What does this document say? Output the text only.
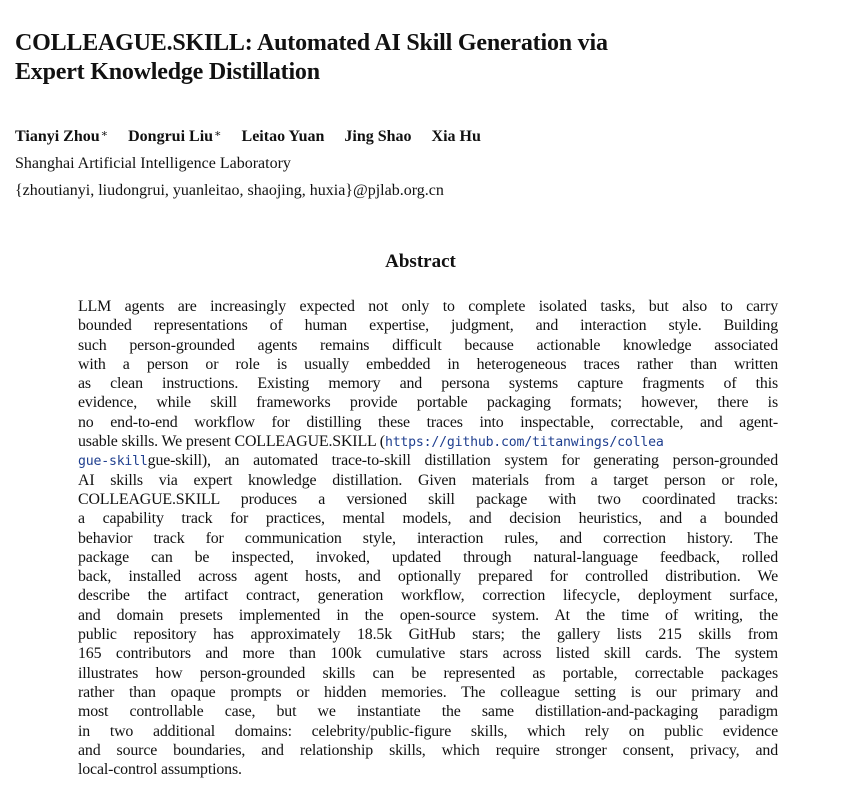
COLLEAGUE.SKILL: Automated AI Skill Generation via
Expert Knowledge Distillation
Tianyi Zhou∗ Dongrui Liu∗ Leitao Yuan Jing Shao Xia Hu
Shanghai Artificial Intelligence Laboratory
{zhoutianyi, liudongrui, yuanleitao, shaojing, huxia}@pjlab.org.cn
Abstract
LLM agents are increasingly expected not only to complete isolated tasks, but also to carry
bounded representations of human expertise, judgment, and interaction style. Building
such person-grounded agents remains difficult because actionable knowledge associated
with a person or role is usually embedded in heterogeneous traces rather than written
as clean instructions. Existing memory and persona systems capture fragments of this
evidence, while skill frameworks provide portable packaging formats; however, there is
no end-to-end workflow for distilling these traces into inspectable, correctable, and agent-
usable skills. We present COLLEAGUE.SKILL (https://github.com/titanwings/collea
gue-skillgue-skill), an automated trace-to-skill distillation system for generating person-grounded
AI skills via expert knowledge distillation. Given materials from a target person or role,
COLLEAGUE.SKILL produces a versioned skill package with two coordinated tracks:
a capability track for practices, mental models, and decision heuristics, and a bounded
behavior track for communication style, interaction rules, and correction history. The
package can be inspected, invoked, updated through natural-language feedback, rolled
back, installed across agent hosts, and optionally prepared for controlled distribution. We
describe the artifact contract, generation workflow, correction lifecycle, deployment surface,
and domain presets implemented in the open-source system. At the time of writing, the
public repository has approximately 18.5k GitHub stars; the gallery lists 215 skills from
165 contributors and more than 100k cumulative stars across listed skill cards. The system
illustrates how person-grounded skills can be represented as portable, correctable packages
rather than opaque prompts or hidden memories. The colleague setting is our primary and
most controllable case, but we instantiate the same distillation-and-packaging paradigm
in two additional domains: celebrity/public-figure skills, which rely on public evidence
and source boundaries, and relationship skills, which require stronger consent, privacy, and
local-control assumptions.
